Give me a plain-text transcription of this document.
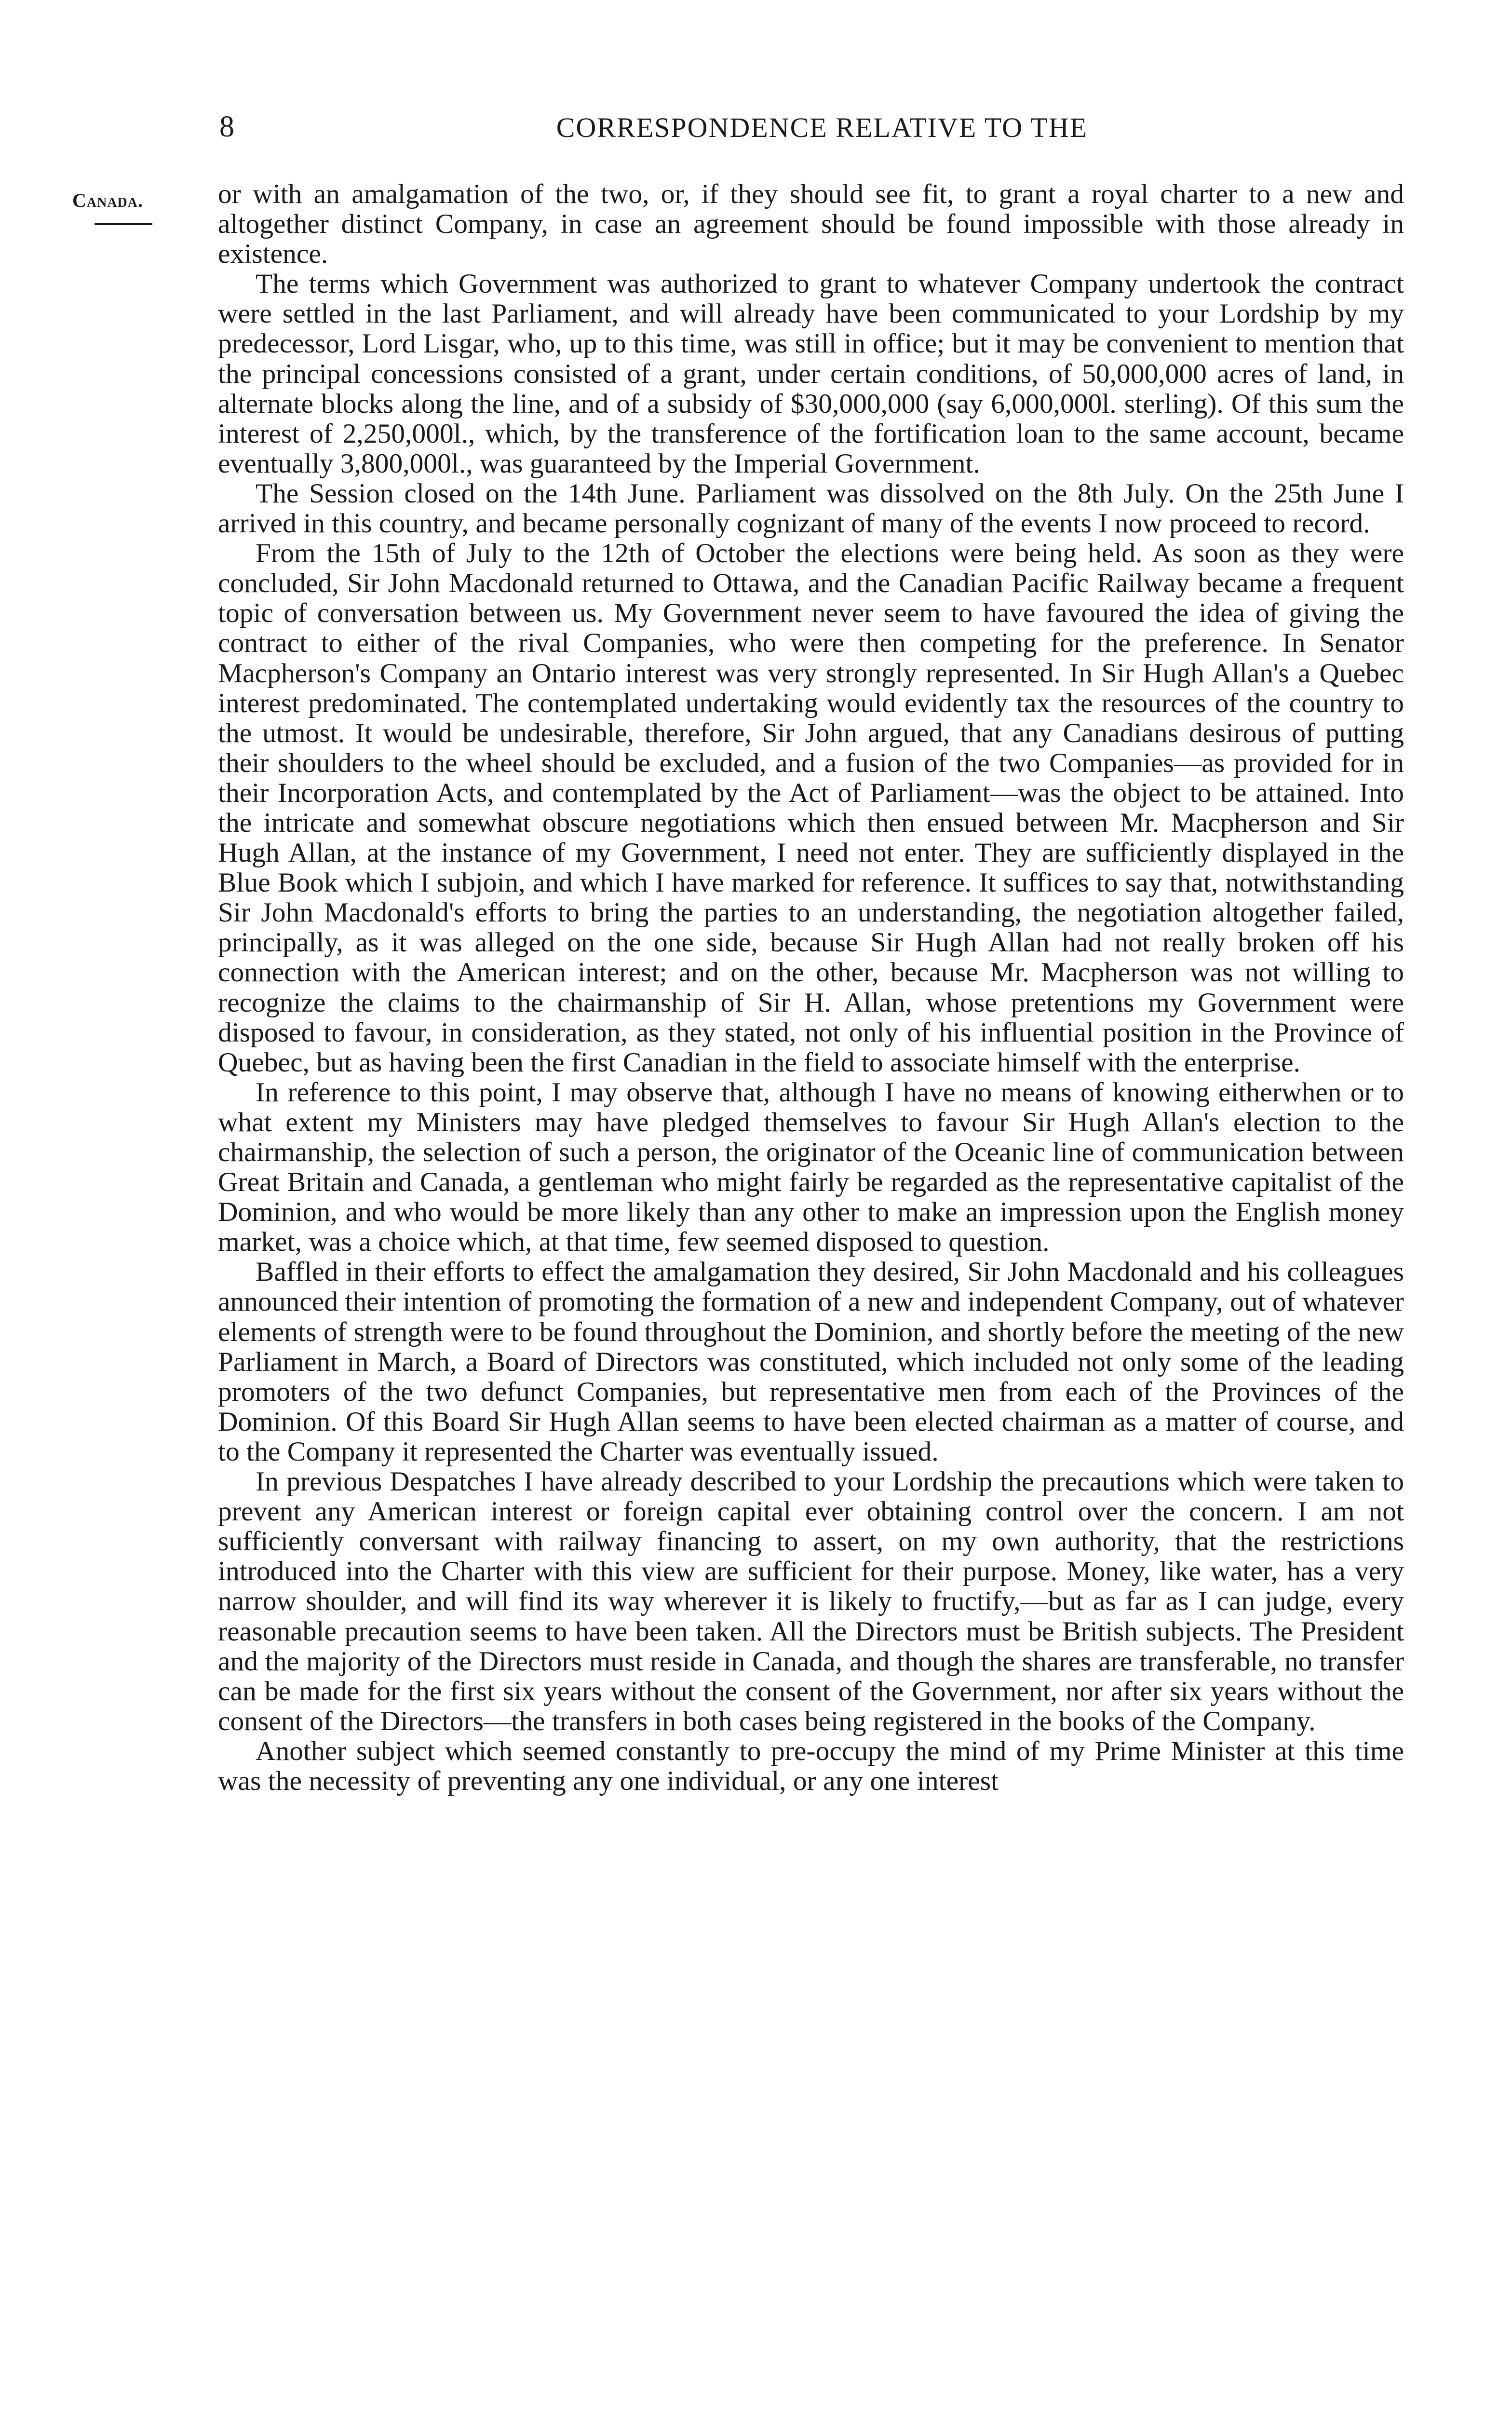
8	CORRESPONDENCE RELATIVE TO THE
Canada.	or with an amalgamation of the two, or, if they should see fit, to grant a royal charter to a new and altogether distinct Company, in case an agreement should be found impossible with those already in existence.

The terms which Government was authorized to grant to whatever Company undertook the contract were settled in the last Parliament, and will already have been communicated to your Lordship by my predecessor, Lord Lisgar, who, up to this time, was still in office; but it may be convenient to mention that the principal concessions consisted of a grant, under certain conditions, of 50,000,000 acres of land, in alternate blocks along the line, and of a subsidy of $30,000,000 (say 6,000,000l. sterling). Of this sum the interest of 2,250,000l., which, by the transference of the fortification loan to the same account, became eventually 3,800,000l., was guaranteed by the Imperial Government.

The Session closed on the 14th June. Parliament was dissolved on the 8th July. On the 25th June I arrived in this country, and became personally cognizant of many of the events I now proceed to record.

From the 15th of July to the 12th of October the elections were being held. As soon as they were concluded, Sir John Macdonald returned to Ottawa, and the Canadian Pacific Railway became a frequent topic of conversation between us. My Government never seem to have favoured the idea of giving the contract to either of the rival Companies, who were then competing for the preference. In Senator Macpherson's Company an Ontario interest was very strongly represented. In Sir Hugh Allan's a Quebec interest predominated. The contemplated undertaking would evidently tax the resources of the country to the utmost. It would be undesirable, therefore, Sir John argued, that any Canadians desirous of putting their shoulders to the wheel should be excluded, and a fusion of the two Companies—as provided for in their Incorporation Acts, and contemplated by the Act of Parliament—was the object to be attained. Into the intricate and somewhat obscure negotiations which then ensued between Mr. Macpherson and Sir Hugh Allan, at the instance of my Government, I need not enter. They are sufficiently displayed in the Blue Book which I subjoin, and which I have marked for reference. It suffices to say that, notwithstanding Sir John Macdonald's efforts to bring the parties to an understanding, the negotiation altogether failed, principally, as it was alleged on the one side, because Sir Hugh Allan had not really broken off his connection with the American interest; and on the other, because Mr. Macpherson was not willing to recognize the claims to the chairmanship of Sir H. Allan, whose pretentions my Government were disposed to favour, in consideration, as they stated, not only of his influential position in the Province of Quebec, but as having been the first Canadian in the field to associate himself with the enterprise.

In reference to this point, I may observe that, although I have no means of knowing eitherwhen or to what extent my Ministers may have pledged themselves to favour Sir Hugh Allan's election to the chairmanship, the selection of such a person, the originator of the Oceanic line of communication between Great Britain and Canada, a gentleman who might fairly be regarded as the representative capitalist of the Dominion, and who would be more likely than any other to make an impression upon the English money market, was a choice which, at that time, few seemed disposed to question.

Baffled in their efforts to effect the amalgamation they desired, Sir John Macdonald and his colleagues announced their intention of promoting the formation of a new and independent Company, out of whatever elements of strength were to be found throughout the Dominion, and shortly before the meeting of the new Parliament in March, a Board of Directors was constituted, which included not only some of the leading promoters of the two defunct Companies, but representative men from each of the Provinces of the Dominion. Of this Board Sir Hugh Allan seems to have been elected chairman as a matter of course, and to the Company it represented the Charter was eventually issued.

In previous Despatches I have already described to your Lordship the precautions which were taken to prevent any American interest or foreign capital ever obtaining control over the concern. I am not sufficiently conversant with railway financing to assert, on my own authority, that the restrictions introduced into the Charter with this view are sufficient for their purpose. Money, like water, has a very narrow shoulder, and will find its way wherever it is likely to fructify,—but as far as I can judge, every reasonable precaution seems to have been taken. All the Directors must be British subjects. The President and the majority of the Directors must reside in Canada, and though the shares are transferable, no transfer can be made for the first six years without the consent of the Government, nor after six years without the consent of the Directors—the transfers in both cases being registered in the books of the Company.

Another subject which seemed constantly to pre-occupy the mind of my Prime Minister at this time was the necessity of preventing any one individual, or any one interest
